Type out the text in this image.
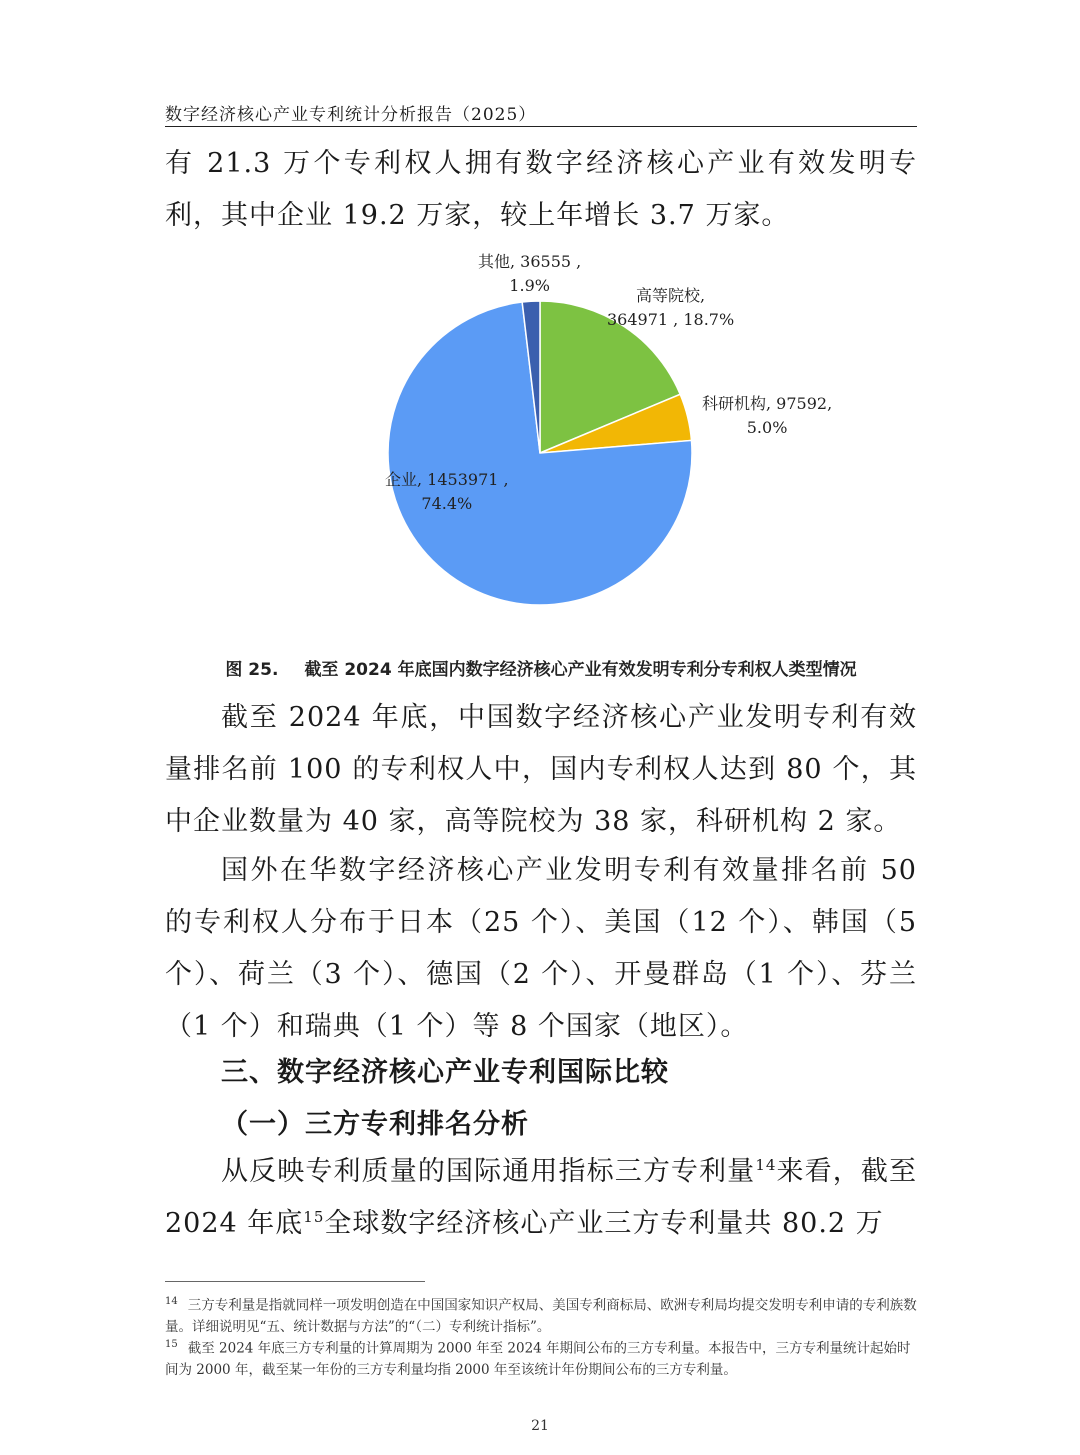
数字经济核心产业专利统计分析报告（2025）

有 21.3 万个专利权人拥有数字经济核心产业有效发明专利，其中企业 19.2 万家，较上年增长 3.7 万家。

企业, 1453971 ,
74.4%
高等院校,
364971 , 18.7%
科研机构, 97592,
5.0%
其他, 36555 ,
1.9%
图 25. 截至 2024 年底国内数字经济核心产业有效发明专利分专利权人类型情况

截至 2024 年底，中国数字经济核心产业发明专利有效量排名前 100 的专利权人中，国内专利权人达到 80 个，其中企业数量为 40 家，高等院校为 38 家，科研机构 2 家。

国外在华数字经济核心产业发明专利有效量排名前 50 的专利权人分布于日本（25 个）、美国（12 个）、韩国（5 个）、荷兰（3 个）、德国（2 个）、开曼群岛（1 个）、芬兰（1 个）和瑞典（1 个）等 8 个国家（地区）。

三、数字经济核心产业专利国际比较
（一）三方专利排名分析

从反映专利质量的国际通用指标三方专利量$^{14}$来看，截至 2024 年底$^{15}$全球数字经济核心产业三方专利量共 80.2 万

$^{14}$ 三方专利量是指就同样一项发明创造在中国国家知识产权局、美国专利商标局、欧洲专利局均提交发明专利申请的专利族数量。详细说明见“五、统计数据与方法”的“（二）专利统计指标”。

$^{15}$ 截至 2024 年底三方专利量的计算周期为 2000 年至 2024 年期间公布的三方专利量。本报告中，三方专利量统计起始时间为 2000 年，截至某一年份的三方专利量均指 2000 年至该统计年份期间公布的三方专利量。

21
